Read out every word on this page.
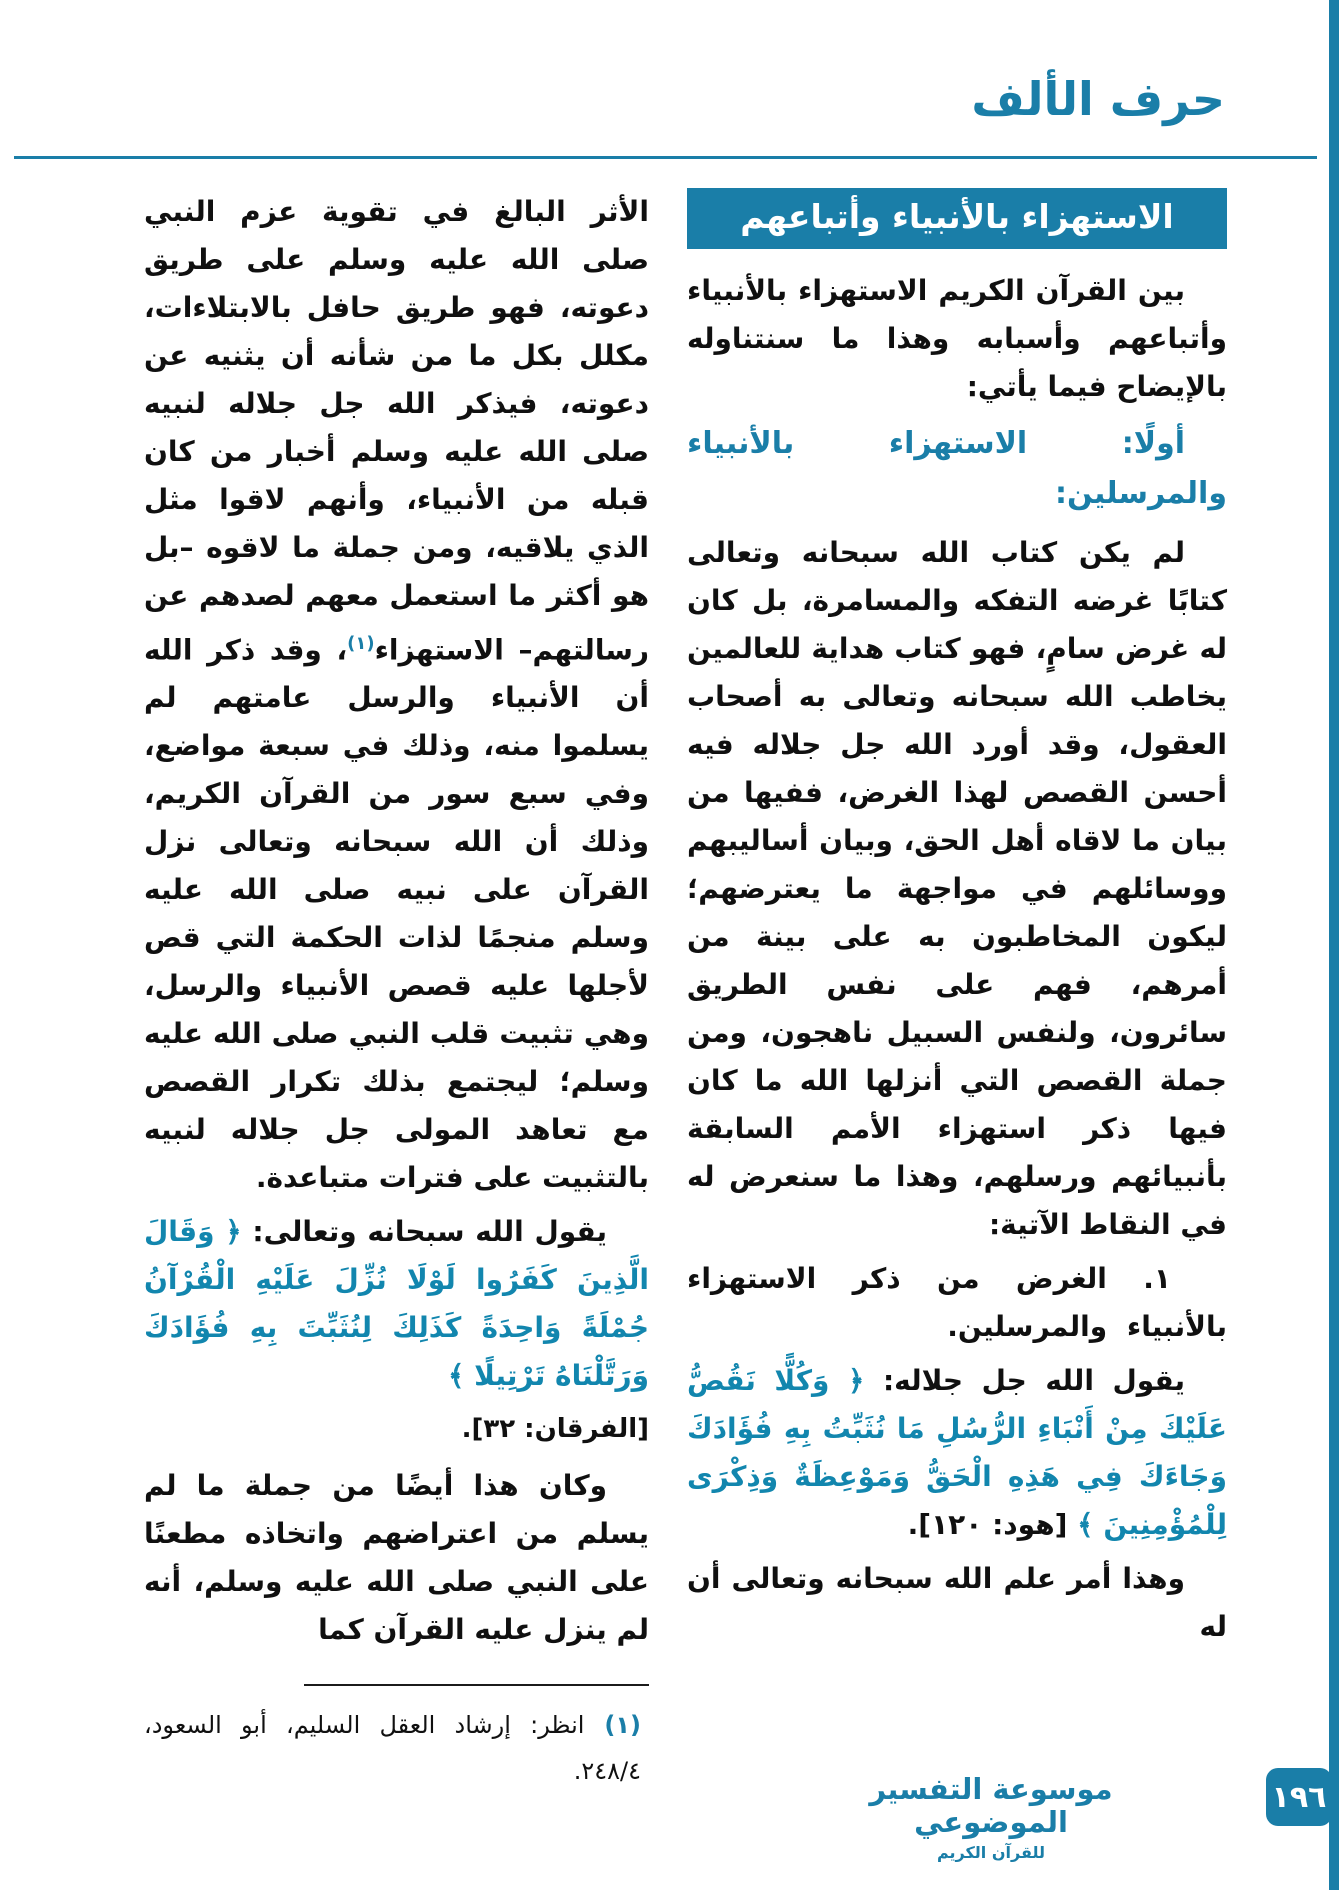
حرف الألف
الاستهزاء بالأنبياء وأتباعهم

بين القرآن الكريم الاستهزاء بالأنبياء وأتباعهم وأسبابه وهذا ما سنتناوله بالإيضاح فيما يأتي:

أولًا: الاستهزاء بالأنبياء والمرسلين:

لم يكن كتاب الله سبحانه وتعالى كتابًا غرضه التفكه والمسامرة، بل كان له غرض سامٍ، فهو كتاب هداية للعالمين يخاطب الله سبحانه وتعالى به أصحاب العقول، وقد أورد الله جل جلاله فيه أحسن القصص لهذا الغرض، ففيها من بيان ما لاقاه أهل الحق، وبيان أساليبهم ووسائلهم في مواجهة ما يعترضهم؛ ليكون المخاطبون به على بينة من أمرهم، فهم على نفس الطريق سائرون، ولنفس السبيل ناهجون، ومن جملة القصص التي أنزلها الله ما كان فيها ذكر استهزاء الأمم السابقة بأنبيائهم ورسلهم، وهذا ما سنعرض له في النقاط الآتية:

١. الغرض من ذكر الاستهزاء بالأنبياء والمرسلين.

يقول الله جل جلاله: ﴿ وَكُلًّا نَقُصُّ عَلَيْكَ مِنْ أَنْبَاءِ الرُّسُلِ مَا نُثَبِّتُ بِهِ فُؤَادَكَ وَجَاءَكَ فِي هَذِهِ الْحَقُّ وَمَوْعِظَةٌ وَذِكْرَى لِلْمُؤْمِنِينَ ﴾ [هود: ١٢٠].

وهذا أمر علم الله سبحانه وتعالى أن له

الأثر البالغ في تقوية عزم النبي صلى الله عليه وسلم على طريق دعوته، فهو طريق حافل بالابتلاءات، مكلل بكل ما من شأنه أن يثنيه عن دعوته، فيذكر الله جل جلاله لنبيه صلى الله عليه وسلم أخبار من كان قبله من الأنبياء، وأنهم لاقوا مثل الذي يلاقيه، ومن جملة ما لاقوه –بل هو أكثر ما استعمل معهم لصدهم عن رسالتهم– الاستهزاء$^{(١)}$، وقد ذكر الله أن الأنبياء والرسل عامتهم لم يسلموا منه، وذلك في سبعة مواضع، وفي سبع سور من القرآن الكريم، وذلك أن الله سبحانه وتعالى نزل القرآن على نبيه صلى الله عليه وسلم منجمًا لذات الحكمة التي قص لأجلها عليه قصص الأنبياء والرسل، وهي تثبيت قلب النبي صلى الله عليه وسلم؛ ليجتمع بذلك تكرار القصص مع تعاهد المولى جل جلاله لنبيه بالتثبيت على فترات متباعدة.

يقول الله سبحانه وتعالى: ﴿ وَقَالَ الَّذِينَ كَفَرُوا لَوْلَا نُزِّلَ عَلَيْهِ الْقُرْآنُ جُمْلَةً وَاحِدَةً كَذَلِكَ لِنُثَبِّتَ بِهِ فُؤَادَكَ وَرَتَّلْنَاهُ تَرْتِيلًا ﴾

[الفرقان: ٣٢].

وكان هذا أيضًا من جملة ما لم يسلم من اعتراضهم واتخاذه مطعنًا على النبي صلى الله عليه وسلم، أنه لم ينزل عليه القرآن كما

(١) انظر: إرشاد العقل السليم، أبو السعود، ٢٤٨/٤.

موسوعة التفسير الموضوعي
للقرآن الكريم
١٩٦
